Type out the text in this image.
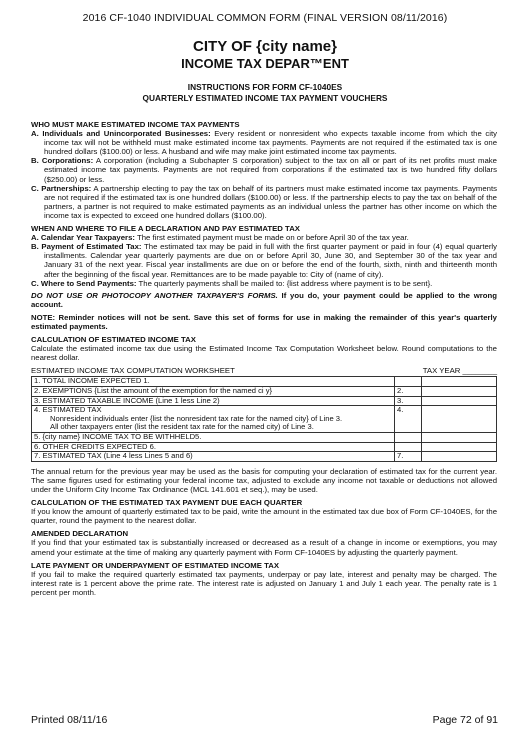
2016 CF-1040 INDIVIDUAL COMMON FORM (FINAL VERSION 08/11/2016)
CITY OF {city name}
INCOME TAX DEPAR™ENT
INSTRUCTIONS FOR FORM CF-1040ES
QUARTERLY ESTIMATED INCOME TAX PAYMENT VOUCHERS

WHO MUST MAKE ESTIMATED INCOME TAX PAYMENTS

A. Individuals and Unincorporated Businesses: Every resident or nonresident who expects taxable income from which the city income tax will not be withheld must make estimated income tax payments. Payments are not required if the estimated tax is one hundred dollars ($100.00) or less. A husband and wife may make joint estimated income tax payments.

B. Corporations: A corporation (including a Subchapter S corporation) subject to the tax on all or part of its net profits must make estimated income tax payments. Payments are not required from corporations if the estimated tax is two hundred fifty dollars ($250.00) or less.

C. Partnerships: A partnership electing to pay the tax on behalf of its partners must make estimated income tax payments. Payments are not required if the estimated tax is one hundred dollars ($100.00) or less. If the partnership elects to pay the tax on behalf of the partners, a partner is not required to make estimated payments as an individual unless the partner has other income on which the income tax is expected to exceed one hundred dollars ($100.00).

WHEN AND WHERE TO FILE A DECLARATION AND PAY ESTIMATED TAX

A. Calendar Year Taxpayers: The first estimated payment must be made on or before April 30 of the tax year.

B. Payment of Estimated Tax: The estimated tax may be paid in full with the first quarter payment or paid in four (4) equal quarterly installments. Calendar year quarterly payments are due on or before April 30, June 30, and September 30 of the tax year and January 31 of the next year. Fiscal year installments are due on or before the end of the fourth, sixth, ninth and thirteenth month after the beginning of the fiscal year. Remittances are to be made payable to: City of (name of city).

C. Where to Send Payments: The quarterly payments shall be mailed to: {list address where payment is to be sent}.

DO NOT USE OR PHOTOCOPY ANOTHER TAXPAYER'S FORMS. If you do, your payment could be applied to the wrong account.

NOTE: Reminder notices will not be sent. Save this set of forms for use in making the remainder of this year's quarterly estimated payments.

CALCULATION OF ESTIMATED INCOME TAX

Calculate the estimated income tax due using the Estimated Income Tax Computation Worksheet below. Round computations to the nearest dollar.

ESTIMATED INCOME TAX COMPUTATION WORKSHEET	TAX YEAR ________
1. TOTAL INCOME EXPECTED 1.		
2. EXEMPTIONS {List the amount of the exemption for the named ci y}	2.	
3. ESTIMATED TAXABLE INCOME (Line 1 less Line 2)	3.	

4. ESTIMATED TAX
Nonresident individuals enter {list the nonresident tax rate for the named city} of Line 3.
All other taxpayers enter (list the resident tax rate for the named city) of Line 3.	4.	
5. {city name} INCOME TAX TO BE WITHHELD5.		
6. OTHER CREDITS EXPECTED 6.		
7. ESTIMATED TAX (Line 4 less Lines 5 and 6)	7.	

The annual return for the previous year may be used as the basis for computing your declaration of estimated tax for the current year. The same figures used for estimating your federal income tax, adjusted to exclude any income not taxable or deductions not allowed under the Uniform City Income Tax Ordinance (MCL 141.601 et seq.), may be used.

CALCULATION OF THE ESTIMATED TAX PAYMENT DUE EACH QUARTER

If you know the amount of quarterly estimated tax to be paid, write the amount in the estimated tax due box of Form CF-1040ES, for the quarter, round the payment to the nearest dollar.

AMENDED DECLARATION

If you find that your estimated tax is substantially increased or decreased as a result of a change in income or exemptions, you may amend your estimate at the time of making any quarterly payment with Form CF-1040ES by adjusting the quarterly payment.

LATE PAYMENT OR UNDERPAYMENT OF ESTIMATED INCOME TAX

If you fail to make the required quarterly estimated tax payments, underpay or pay late, interest and penalty may be charged. The interest rate is 1 percent above the prime rate. The interest rate is adjusted on January 1 and July 1 each year. The penalty rate is 1 percent per month.

Printed 08/11/16	Page 72 of 91
